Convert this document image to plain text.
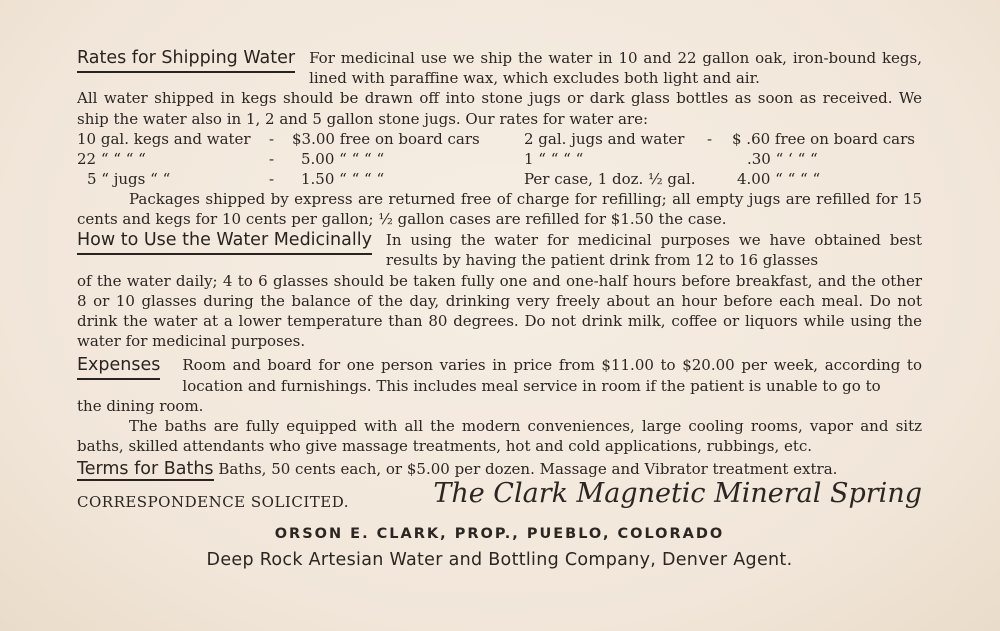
Rates for Shipping Water For medicinal use we ship the water in 10 and 22 gallon oak, iron-bound kegs, lined with paraffine wax, which excludes both light and air.

All water shipped in kegs should be drawn off into stone jugs or dark glass bottles as soon as received. We ship the water also in 1, 2 and 5 gallon stone jugs. Our rates for water are:

10 gal. kegs and water - $3.00 free on board cars	2 gal. jugs and water - $ .60 free on board cars
22 “ “ “ “	- 5.00 “ “ “ “	1 “ “ “ “	.30 “ ‘ “ “
5 “ jugs “ “	- 1.50 “ “ “ “	Per case, 1 doz. ½ gal.	4.00 “ “ “ “

Packages shipped by express are returned free of charge for refilling; all empty jugs are refilled for 15 cents and kegs for 10 cents per gallon; ½ gallon cases are refilled for $1.50 the case.

How to Use the Water Medicinally In using the water for medicinal purposes we have obtained best results by having the patient drink from 12 to 16 glasses

of the water daily; 4 to 6 glasses should be taken fully one and one-half hours before breakfast, and the other 8 or 10 glasses during the balance of the day, drinking very freely about an hour before each meal. Do not drink the water at a lower temperature than 80 degrees. Do not drink milk, coffee or liquors while using the water for medicinal purposes.

Expenses Room and board for one person varies in price from $11.00 to $20.00 per week, according to location and furnishings. This includes meal service in room if the patient is unable to go to

the dining room.

The baths are fully equipped with all the modern conveniences, large cooling rooms, vapor and sitz baths, skilled attendants who give massage treatments, hot and cold applications, rubbings, etc.

Terms for Baths Baths, 50 cents each, or $5.00 per dozen. Massage and Vibrator treatment extra.

CORRESPONDENCE SOLICITED.	The Clark Magnetic Mineral Spring
ORSON E. CLARK, PROP., PUEBLO, COLORADO
Deep Rock Artesian Water and Bottling Company, Denver Agent.
